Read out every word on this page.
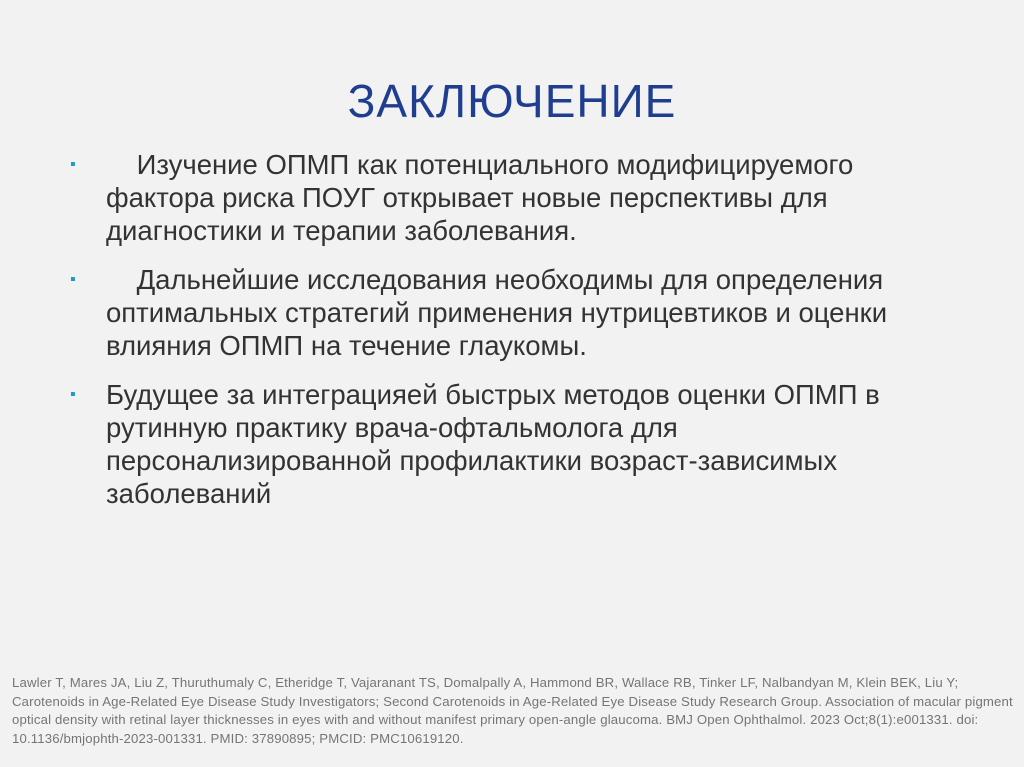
ЗАКЛЮЧЕНИЕ
▪ Изучение ОПМП как потенциального модифицируемого фактора риска ПОУГ открывает новые перспективы для диагностики и терапии заболевания.
▪ Дальнейшие исследования необходимы для определения оптимальных стратегий применения нутрицевтиков и оценки влияния ОПМП на течение глаукомы.
▪ Будущее за интеграцияей быстрых методов оценки ОПМП в рутинную практику врача-офтальмолога для персонализированной профилактики возраст-зависимых заболеваний

Lawler T, Mares JA, Liu Z, Thuruthumaly C, Etheridge T, Vajaranant TS, Domalpally A, Hammond BR, Wallace RB, Tinker LF, Nalbandyan M, Klein BEK, Liu Y; Carotenoids in Age-Related Eye Disease Study Investigators; Second Carotenoids in Age-Related Eye Disease Study Research Group. Association of macular pigment optical density with retinal layer thicknesses in eyes with and without manifest primary open-angle glaucoma. BMJ Open Ophthalmol. 2023 Oct;8(1):e001331. doi: 10.1136/bmjophth-2023-001331. PMID: 37890895; PMCID: PMC10619120.
